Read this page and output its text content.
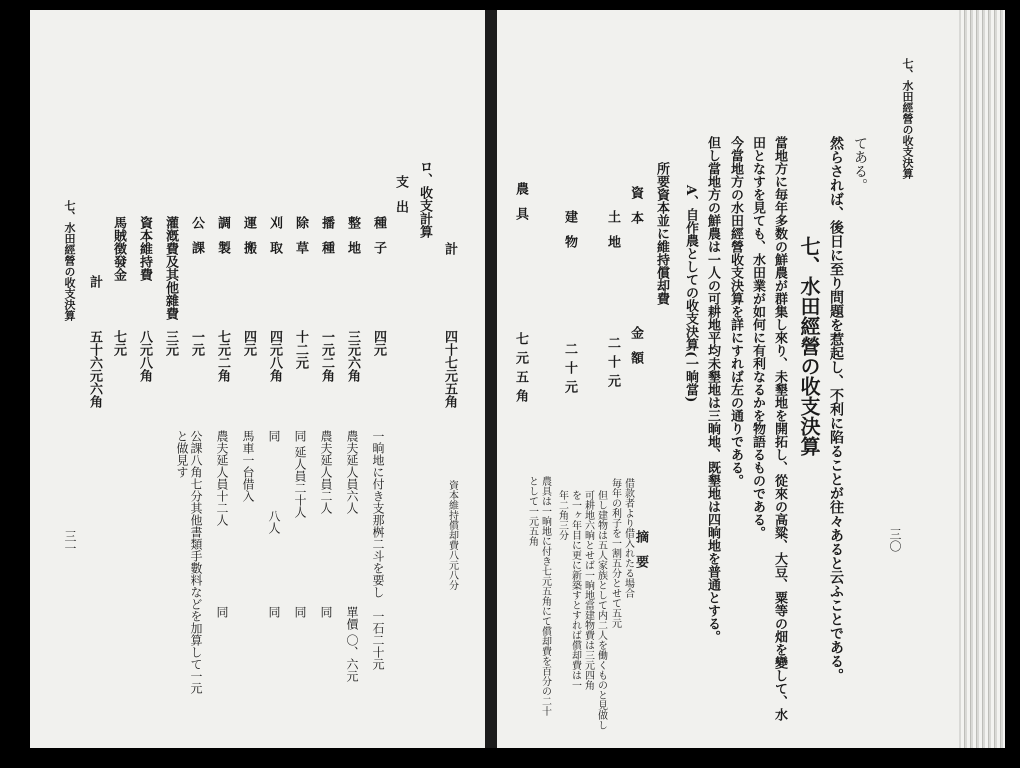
七、水田經營の收支決算
三〇
てある。
然らされば、後日に至り問題を惹起し、不利に陷ることが往々あると云ふことである。
七、水田經營の收支決算
當地方に毎年多数の鮮農が群集し來り、未墾地を開拓し、從來の高粱、大豆、粟等の畑を變して、水
田となすを見ても、水田業が如何に有利なるかを物語るものである。
今當地方の水田經營收支決算を詳にすれば左の通りである。
但し當地方の鮮農は一人の可耕地平均未墾地は三晌地、既墾地は四晌地を普通とする。
A、自作農としての收支決算(一晌當)
所要資本並に維持償却費
資本
金額
摘要
土地
二十元
建物
二十元
農具
七元五角
借款者より借入れたる場合
毎年の利子を一割五分とせて五元
但し建物は五人家族として内二人を働くものと見做し
可耕地六晌とせば一晌地當建物費は三元四角
を一ヶ年目に更に新築すとすれば償却費は一
年二角三分
農具は一晌地に付き七元五角にて償却費を百分の二十
として一元五角
計
四十七元五角
資本維持償却費八元八分
ロ、收支計算
支出
種子
四元
一晌地に付き支那桝二斗を要し
一石二十元
整地
三元六角
農夫延人員六人
單價 〇、六元
播種
一元二角
農夫延人員二人
同
除草
十二元
同 延人員二十人
同
刈取
四元八角
同
八人
同
運搬
四元
馬車一台借入
調製
七元二角
農夫延人員十二人
同
公課
一元
公課八角七分其他書類手數料などを加算して一元
と做見す
灌漑費及其他雜費
三元
資本維持費
八元八角
馬賊徴發金
七元
計
五十六元六角
七、水田經營の收支決算
三一
